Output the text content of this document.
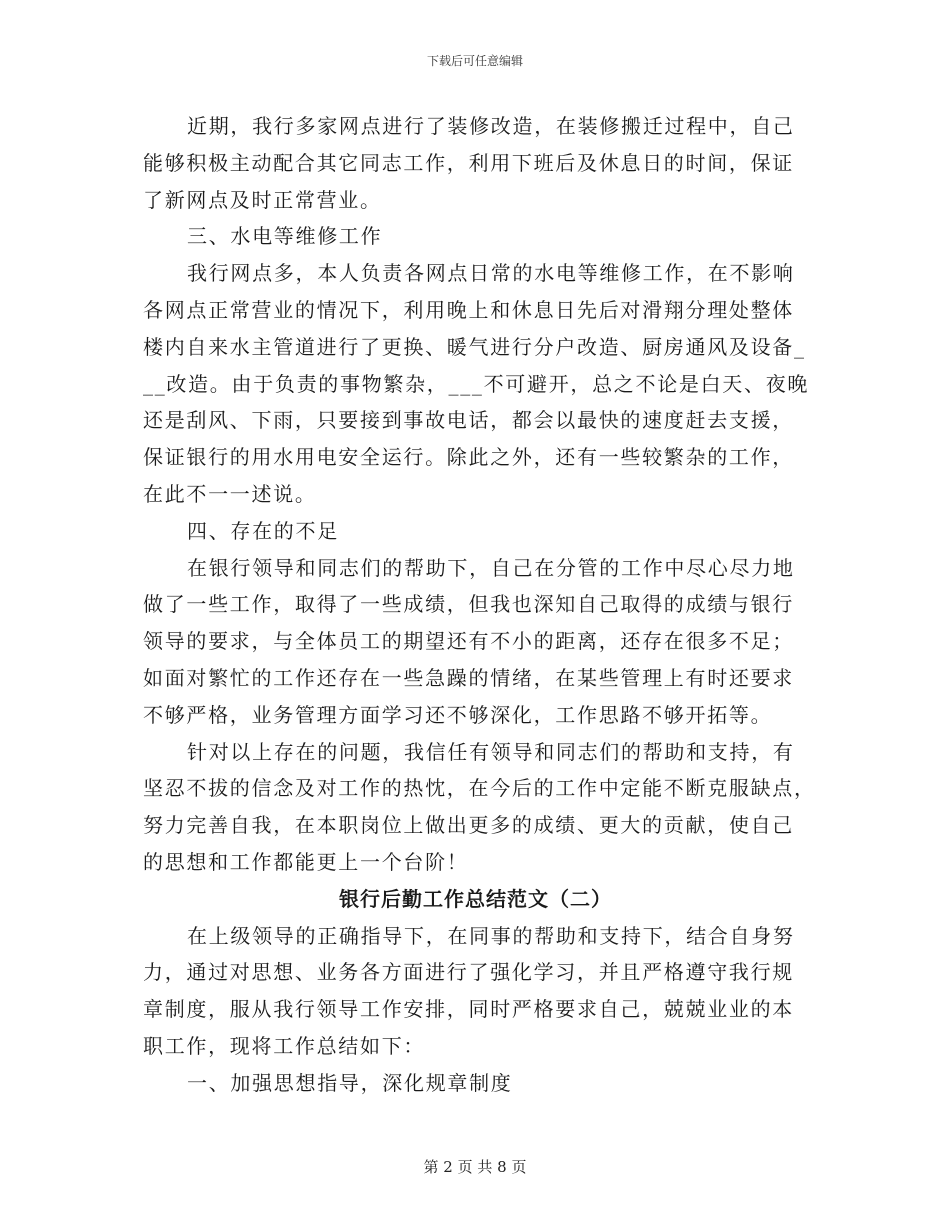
下载后可任意编辑
近期，我行多家网点进行了装修改造，在装修搬迁过程中，自己
能够积极主动配合其它同志工作，利用下班后及休息日的时间，保证
了新网点及时正常营业。
三、水电等维修工作
我行网点多，本人负责各网点日常的水电等维修工作，在不影响
各网点正常营业的情况下，利用晚上和休息日先后对滑翔分理处整体
楼内自来水主管道进行了更换、暖气进行分户改造、厨房通风及设备_
__改造。由于负责的事物繁杂，___不可避开，总之不论是白天、夜晚
还是刮风、下雨，只要接到事故电话，都会以最快的速度赶去支援，
保证银行的用水用电安全运行。除此之外，还有一些较繁杂的工作，
在此不一一述说。
四、存在的不足
在银行领导和同志们的帮助下，自己在分管的工作中尽心尽力地
做了一些工作，取得了一些成绩，但我也深知自己取得的成绩与银行
领导的要求，与全体员工的期望还有不小的距离，还存在很多不足；
如面对繁忙的工作还存在一些急躁的情绪，在某些管理上有时还要求
不够严格，业务管理方面学习还不够深化，工作思路不够开拓等。
针对以上存在的问题，我信任有领导和同志们的帮助和支持，有
坚忍不拔的信念及对工作的热忱，在今后的工作中定能不断克服缺点，
努力完善自我，在本职岗位上做出更多的成绩、更大的贡献，使自己
的思想和工作都能更上一个台阶！
银行后勤工作总结范文（二）
在上级领导的正确指导下，在同事的帮助和支持下，结合自身努
力，通过对思想、业务各方面进行了强化学习，并且严格遵守我行规
章制度，服从我行领导工作安排，同时严格要求自己，兢兢业业的本
职工作，现将工作总结如下：
一、加强思想指导，深化规章制度
第 2 页 共 8 页
